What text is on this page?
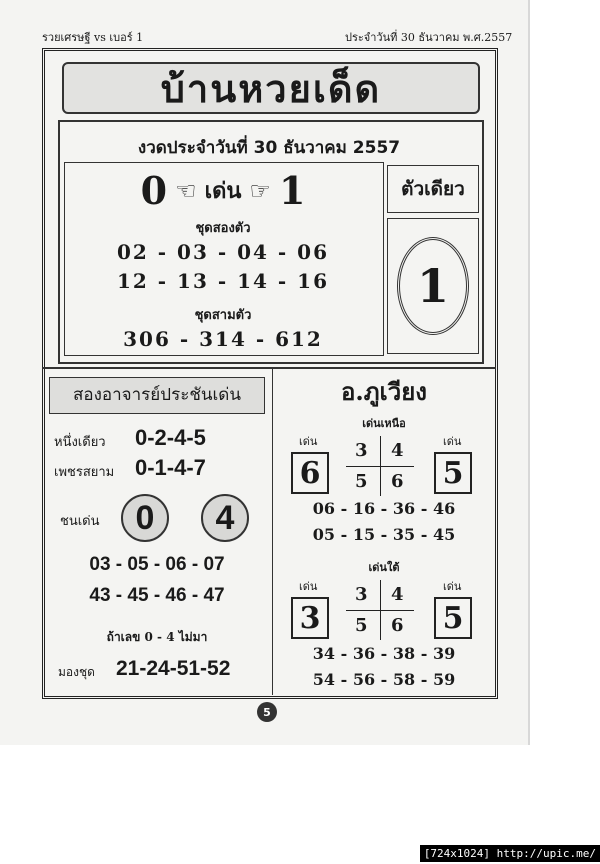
รวยเศรษฐี vs เบอร์ 1	ประจำวันที่ 30 ธันวาคม พ.ศ.2557
บ้านหวยเด็ด
งวดประจำวันที่ 30 ธันวาคม 2557
0 ☜ เด่น ☞ 1
ชุดสองตัว
02 - 03 - 04 - 06
12 - 13 - 14 - 16
ชุดสามตัว
306 - 314 - 612
ตัวเดียว
1
สองอาจารย์ประชันเด่น
หนึ่งเดียว 0-2-4-5
เพชรสยาม 0-1-4-7
ชนเด่น	0	4
03 - 05 - 06 - 07
43 - 45 - 46 - 47
ถ้าเลข 0 - 4 ไม่มา
มองชุด 21-24-51-52
อ.ภูเวียง
เด่นเหนือ
เด่น	เด่น
6	5
3 4
5 6
06 - 16 - 36 - 46
05 - 15 - 35 - 45
เด่นใต้
เด่น	เด่น
3	5
3 4
5 6
34 - 36 - 38 - 39
54 - 56 - 58 - 59
5
[724x1024] http://upic.me/
